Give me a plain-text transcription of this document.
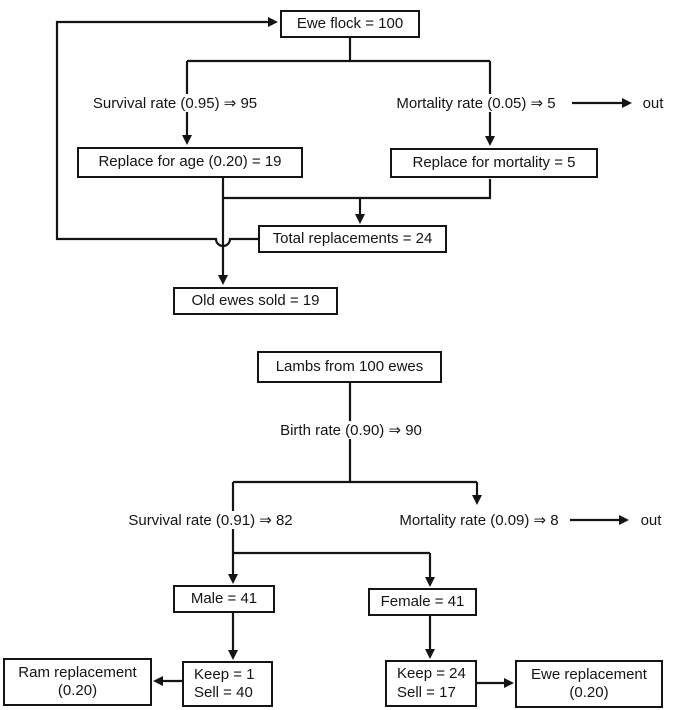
Survival rate (0.95) ⇒ 95	Mortality rate (0.05) ⇒ 5	out
Birth rate (0.90) ⇒ 90
Survival rate (0.91) ⇒ 82	Mortality rate (0.09) ⇒ 8	out
Ewe flock = 100
Replace for age (0.20) = 19	Replace for mortality = 5
Total replacements = 24
Old ewes sold = 19
Lambs from 100 ewes
Male = 41	Female = 41
Keep = 1
Sell = 40
Keep = 24
Sell = 17
Ram replacement
(0.20)
Ewe replacement
(0.20)
